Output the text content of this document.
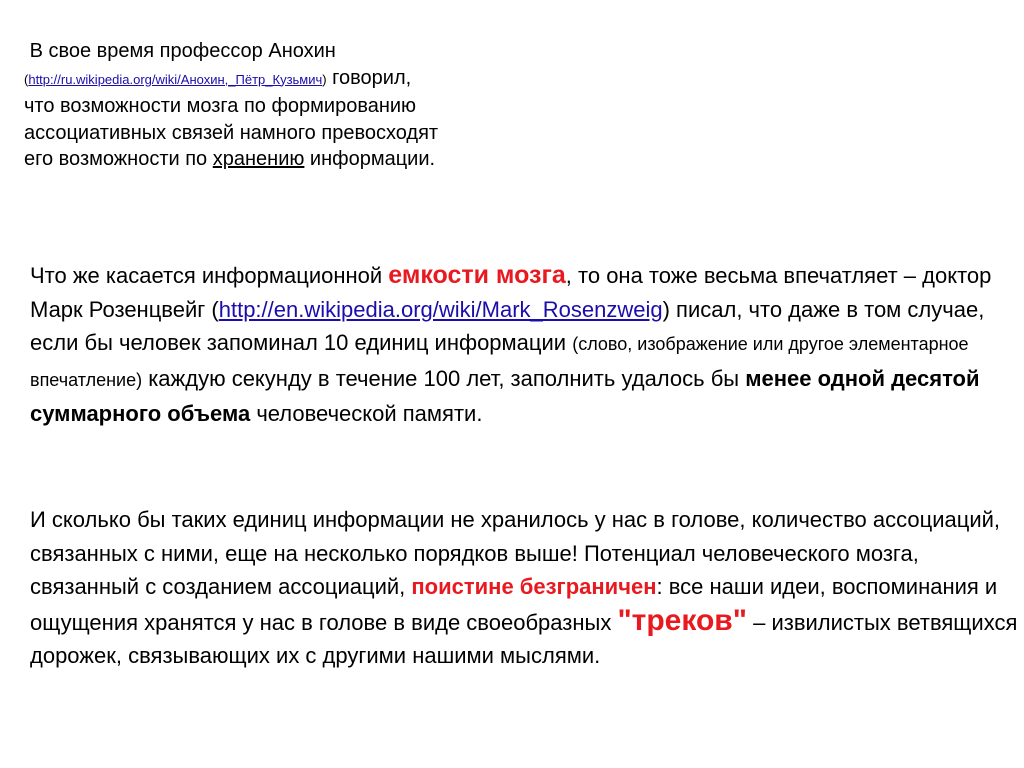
В свое время профессор Анохин
(http://ru.wikipedia.org/wiki/Анохин,_Пётр_Кузьмич) говорил,
что возможности мозга по формированию
ассоциативных связей намного превосходят
его возможности по хранению информации.

Что же касается информационной емкости мозга, то она тоже весьма впечатляет – доктор Марк Розенцвейг (http://en.wikipedia.org/wiki/Mark_Rosenzweig) писал, что даже в том случае, если бы человек запоминал 10 единиц информации (слово, изображение или другое элементарное впечатление) каждую секунду в течение 100 лет, заполнить удалось бы менее одной десятой суммарного объема человеческой памяти.

И сколько бы таких единиц информации не хранилось у нас в голове, количество ассоциаций, связанных с ними, еще на несколько порядков выше! Потенциал человеческого мозга, связанный с созданием ассоциаций, поистине безграничен: все наши идеи, воспоминания и ощущения хранятся у нас в голове в виде своеобразных "треков" – извилистых ветвящихся дорожек, связывающих их с другими нашими мыслями.
